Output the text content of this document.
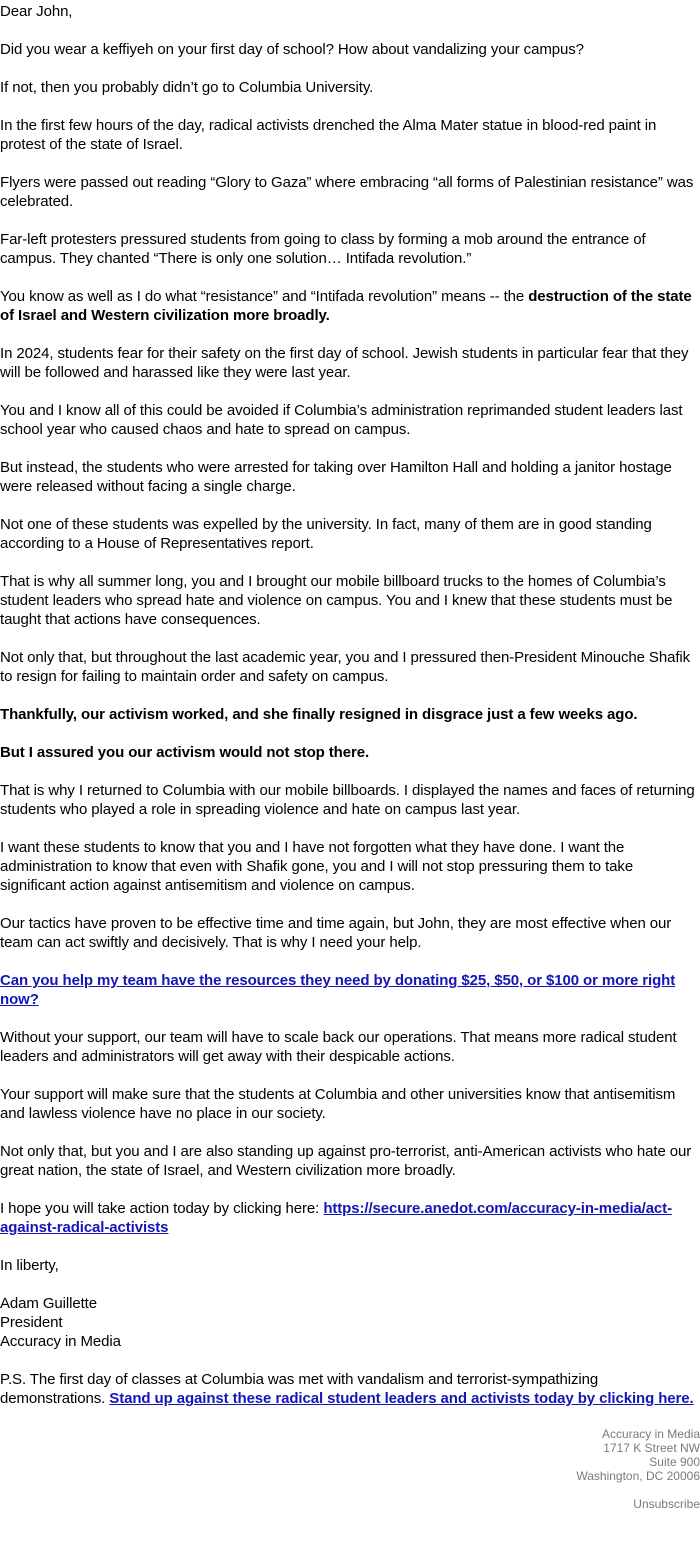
Dear John,

Did you wear a keffiyeh on your first day of school? How about vandalizing your campus?

If not, then you probably didn’t go to Columbia University.

In the first few hours of the day, radical activists drenched the Alma Mater statue in blood-red paint in protest of the state of Israel.

Flyers were passed out reading “Glory to Gaza” where embracing “all forms of Palestinian resistance” was celebrated.

Far-left protesters pressured students from going to class by forming a mob around the entrance of campus. They chanted “There is only one solution… Intifada revolution.”

You know as well as I do what “resistance” and “Intifada revolution” means -- the destruction of the state of Israel and Western civilization more broadly.

In 2024, students fear for their safety on the first day of school. Jewish students in particular fear that they will be followed and harassed like they were last year.

You and I know all of this could be avoided if Columbia’s administration reprimanded student leaders last school year who caused chaos and hate to spread on campus.

But instead, the students who were arrested for taking over Hamilton Hall and holding a janitor hostage were released without facing a single charge.

Not one of these students was expelled by the university. In fact, many of them are in good standing according to a House of Representatives report.

That is why all summer long, you and I brought our mobile billboard trucks to the homes of Columbia’s student leaders who spread hate and violence on campus. You and I knew that these students must be taught that actions have consequences.

Not only that, but throughout the last academic year, you and I pressured then-President Minouche Shafik to resign for failing to maintain order and safety on campus.

Thankfully, our activism worked, and she finally resigned in disgrace just a few weeks ago.

But I assured you our activism would not stop there.

That is why I returned to Columbia with our mobile billboards. I displayed the names and faces of returning students who played a role in spreading violence and hate on campus last year.

I want these students to know that you and I have not forgotten what they have done. I want the administration to know that even with Shafik gone, you and I will not stop pressuring them to take significant action against antisemitism and violence on campus.

Our tactics have proven to be effective time and time again, but John, they are most effective when our team can act swiftly and decisively. That is why I need your help.

Can you help my team have the resources they need by donating $25, $50, or $100 or more right now?

Without your support, our team will have to scale back our operations. That means more radical student leaders and administrators will get away with their despicable actions.

Your support will make sure that the students at Columbia and other universities know that antisemitism and lawless violence have no place in our society.

Not only that, but you and I are also standing up against pro-terrorist, anti-American activists who hate our great nation, the state of Israel, and Western civilization more broadly.

I hope you will take action today by clicking here: https://secure.anedot.com/accuracy-in-media/act-against-radical-activists

In liberty,

Adam Guillette
President
Accuracy in Media

P.S. The first day of classes at Columbia was met with vandalism and terrorist-sympathizing demonstrations. Stand up against these radical student leaders and activists today by clicking here.

Accuracy in Media
1717 K Street NW
Suite 900
Washington, DC 20006
Unsubscribe
